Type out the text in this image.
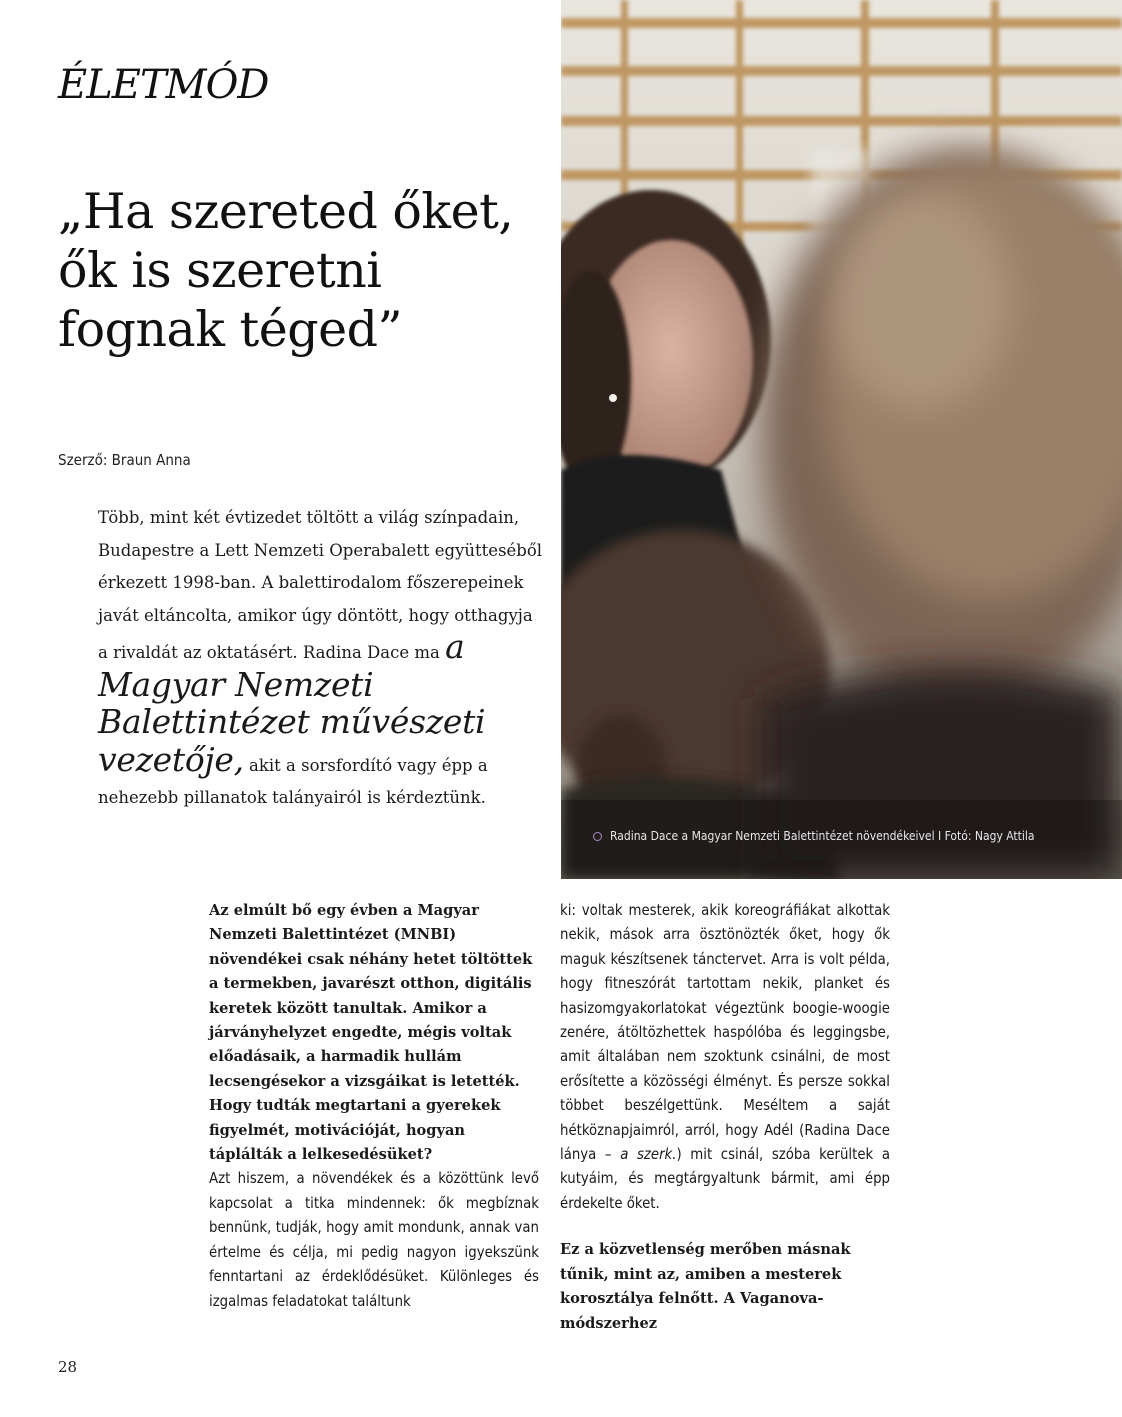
ÉLETMÓD
„Ha szereted őket, ők is szeretni fognak téged”
Szerző: Braun Anna

Több, mint két évtizedet töltött a világ színpadain, Budapestre a Lett Nemzeti Operabalett együtteséből érkezett 1998-ban. A balettirodalom főszerepeinek javát eltáncolta, amikor úgy döntött, hogy otthagyja a rivaldát az oktatásért. Radina Dace ma a Magyar Nemzeti Balettintézet művészeti vezetője, akit a sorsfordító vagy épp a nehezebb pillanatok talányairól is kérdeztünk.

Radina Dace a Magyar Nemzeti Balettintézet növendékeivel I Fotó: Nagy Attila

Az elmúlt bő egy évben a Magyar Nemzeti Balettintézet (MNBI) növendékei csak néhány hetet töltöttek a termekben, javarészt otthon, digitális keretek között tanultak. Amikor a járványhelyzet engedte, mégis voltak előadásaik, a harmadik hullám lecsengésekor a vizsgáikat is letették. Hogy tudták megtartani a gyerekek figyelmét, motivációját, hogyan táplálták a lelkesedésüket?

Azt hiszem, a növendékek és a közöttünk levő kapcsolat a titka mindennek: ők megbíznak bennünk, tudják, hogy amit mondunk, annak van értelme és célja, mi pedig nagyon igyekszünk fenntartani az érdeklődésüket. Különleges és izgalmas feladatokat találtunk

ki: voltak mesterek, akik koreográfiákat alkottak nekik, mások arra ösztönözték őket, hogy ők maguk készítsenek tánctervet. Arra is volt példa, hogy fitneszórát tartottam nekik, planket és hasizomgyakorlatokat végeztünk boogie-woogie zenére, átöltözhettek haspólóba és leggingsbe, amit általában nem szoktunk csinálni, de most erősítette a közösségi élményt. És persze sokkal többet beszélgettünk. Meséltem a saját hétköznapjaimról, arról, hogy Adél (Radina Dace lánya – a szerk.) mit csinál, szóba kerültek a kutyáim, és megtárgyaltunk bármit, ami épp érdekelte őket.

Ez a közvetlenség merőben másnak tűnik, mint az, amiben a mesterek korosztálya felnőtt. A Vaganova-módszerhez

28
